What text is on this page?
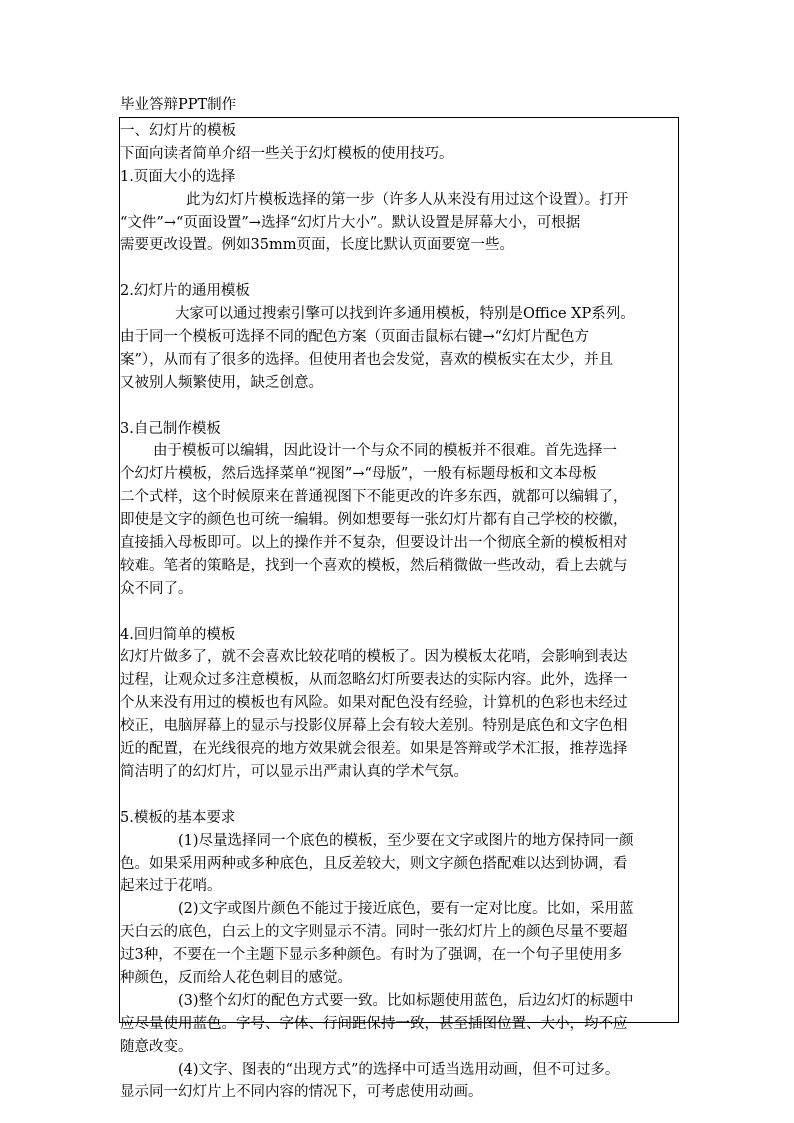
毕业答辩PPT制作
一、幻灯片的模板
下面向读者简单介绍一些关于幻灯模板的使用技巧。
1.页面大小的选择
此为幻灯片模板选择的第一步（许多人从来没有用过这个设置）。打开
“文件”→“页面设置”→选择“幻灯片大小”。默认设置是屏幕大小，可根据
需要更改设置。例如35mm页面，长度比默认页面要宽一些。
2.幻灯片的通用模板
大家可以通过搜索引擎可以找到许多通用模板，特别是Office XP系列。
由于同一个模板可选择不同的配色方案（页面击鼠标右键→“幻灯片配色方
案”），从而有了很多的选择。但使用者也会发觉，喜欢的模板实在太少，并且
又被别人频繁使用，缺乏创意。
3.自己制作模板
由于模板可以编辑，因此设计一个与众不同的模板并不很难。首先选择一
个幻灯片模板，然后选择菜单“视图”→“母版”，一般有标题母板和文本母板
二个式样，这个时候原来在普通视图下不能更改的许多东西，就都可以编辑了，
即使是文字的颜色也可统一编辑。例如想要每一张幻灯片都有自己学校的校徽，
直接插入母板即可。以上的操作并不复杂，但要设计出一个彻底全新的模板相对
较难。笔者的策略是，找到一个喜欢的模板，然后稍微做一些改动，看上去就与
众不同了。
4.回归简单的模板
幻灯片做多了，就不会喜欢比较花哨的模板了。因为模板太花哨，会影响到表达
过程，让观众过多注意模板，从而忽略幻灯所要表达的实际内容。此外，选择一
个从来没有用过的模板也有风险。如果对配色没有经验，计算机的色彩也未经过
校正，电脑屏幕上的显示与投影仪屏幕上会有较大差别。特别是底色和文字色相
近的配置，在光线很亮的地方效果就会很差。如果是答辩或学术汇报，推荐选择
简洁明了的幻灯片，可以显示出严肃认真的学术气氛。
5.模板的基本要求
(1)尽量选择同一个底色的模板，至少要在文字或图片的地方保持同一颜
色。如果采用两种或多种底色，且反差较大，则文字颜色搭配难以达到协调，看
起来过于花哨。
(2)文字或图片颜色不能过于接近底色，要有一定对比度。比如，采用蓝
天白云的底色，白云上的文字则显示不清。同时一张幻灯片上的颜色尽量不要超
过3种，不要在一个主题下显示多种颜色。有时为了强调，在一个句子里使用多
种颜色，反而给人花色刺目的感觉。
(3)整个幻灯的配色方式要一致。比如标题使用蓝色，后边幻灯的标题中
应尽量使用蓝色。字号、字体、行间距保持一致，甚至插图位置、大小，均不应
随意改变。
(4)文字、图表的“出现方式”的选择中可适当选用动画，但不可过多。
显示同一幻灯片上不同内容的情况下，可考虑使用动画。
